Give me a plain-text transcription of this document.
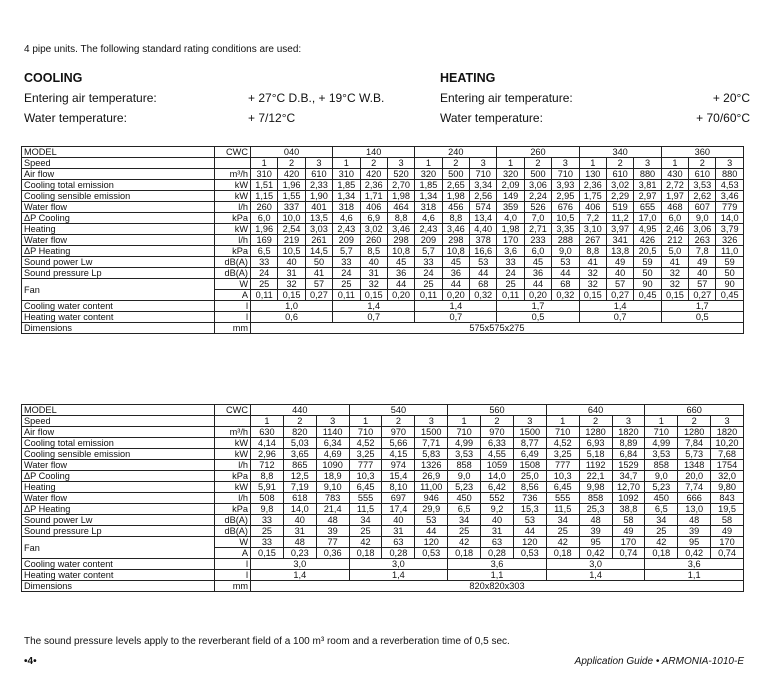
4 pipe units. The following standard rating conditions are used:
COOLING
Entering air temperature:	+ 27°C D.B., + 19°C W.B.
Water temperature:	+ 7/12°C
HEATING
Entering air temperature:	+ 20°C
Water temperature:	+ 70/60°C
MODEL	CWC	040			140			240			260			340			360		
Speed		1	2	3	1	2	3	1	2	3	1	2	3	1	2	3	1	2	3
Air flow	m³/h	310	420	610	310	420	520	320	500	710	320	500	710	130	610	880	430	610	880
Cooling total emission	kW	1,51	1,96	2,33	1,85	2,36	2,70	1,85	2,65	3,34	2,09	3,06	3,93	2,36	3,02	3,81	2,72	3,53	4,53
Cooling sensible emission	kW	1,15	1,55	1,90	1,34	1,71	1,98	1,34	1,98	2,56	149	2,24	2,95	1,75	2,29	2,97	1,97	2,62	3,46
Water flow	l/h	260	337	401	318	406	464	318	456	574	359	526	676	406	519	655	468	607	779
ΔP Cooling	kPa	6,0	10,0	13,5	4,6	6,9	8,8	4,6	8,8	13,4	4,0	7,0	10,5	7,2	11,2	17,0	6,0	9,0	14,0
Heating	kW	1,96	2,54	3,03	2,43	3,02	3,46	2,43	3,46	4,40	1,98	2,71	3,35	3,10	3,97	4,95	2,46	3,06	3,79
Water flow	l/h	169	219	261	209	260	298	209	298	378	170	233	288	267	341	426	212	263	326
ΔP Heating	kPa	6,5	10,5	14,5	5,7	8,5	10,8	5,7	10,8	16,6	3,6	6,0	9,0	8,8	13,8	20,5	5,0	7,8	11,0
Sound power Lw	dB(A)	33	40	50	33	40	45	33	45	53	33	45	53	41	49	59	41	49	59
Sound pressure Lp	dB(A)	24	31	41	24	31	36	24	36	44	24	36	44	32	40	50	32	40	50
Fan	W	25	32	57	25	32	44	25	44	68	25	44	68	32	57	90	32	57	90
	A	0,11	0,15	0,27	0,11	0,15	0,20	0,11	0,20	0,32	0,11	0,20	0,32	0,15	0,27	0,45	0,15	0,27	0,45
Cooling water content	l	1,0			1,4			1,4			1,7			1,4			1,7		
Heating water content	l	0,6			0,7			0,7			0,5			0,7			0,5		
Dimensions	mm	575x575x275																	
MODEL	CWC	440			540			560			640			660		
Speed		1	2	3	1	2	3	1	2	3	1	2	3	1	2	3
Air flow	m³/h	630	820	1140	710	970	1500	710	970	1500	710	1280	1820	710	1280	1820
Cooling total emission	kW	4,14	5,03	6,34	4,52	5,66	7,71	4,99	6,33	8,77	4,52	6,93	8,89	4,99	7,84	10,20
Cooling sensible emission	kW	2,96	3,65	4,69	3,25	4,15	5,83	3,53	4,55	6,49	3,25	5,18	6,84	3,53	5,73	7,68
Water flow	l/h	712	865	1090	777	974	1326	858	1059	1508	777	1192	1529	858	1348	1754
ΔP Cooling	kPa	8,8	12,5	18,9	10,3	15,4	26,9	9,0	14,0	25,0	10,3	22,1	34,7	9,0	20,0	32,0
Heating	kW	5,91	7,19	9,10	6,45	8,10	11,00	5,23	6,42	8,56	6,45	9,98	12,70	5,23	7,74	9,80
Water flow	l/h	508	618	783	555	697	946	450	552	736	555	858	1092	450	666	843
ΔP Heating	kPa	9,8	14,0	21,4	11,5	17,4	29,9	6,5	9,2	15,3	11,5	25,3	38,8	6,5	13,0	19,5
Sound power Lw	dB(A)	33	40	48	34	40	53	34	40	53	34	48	58	34	48	58
Sound pressure Lp	dB(A)	25	31	39	25	31	44	25	31	44	25	39	49	25	39	49
Fan	W	33	48	77	42	63	120	42	63	120	42	95	170	42	95	170
	A	0,15	0,23	0,36	0,18	0,28	0,53	0,18	0,28	0,53	0,18	0,42	0,74	0,18	0,42	0,74
Cooling water content	l	3,0			3,0			3,6			3,0			3,6		
Heating water content	l	1,4			1,4			1,1			1,4			1,1		
Dimensions	mm	820x820x303														
The sound pressure levels apply to the reverberant field of a 100 m³ room and a reverberation time of 0,5 sec.
•4•	Application Guide • ARMONIA-1010-E
